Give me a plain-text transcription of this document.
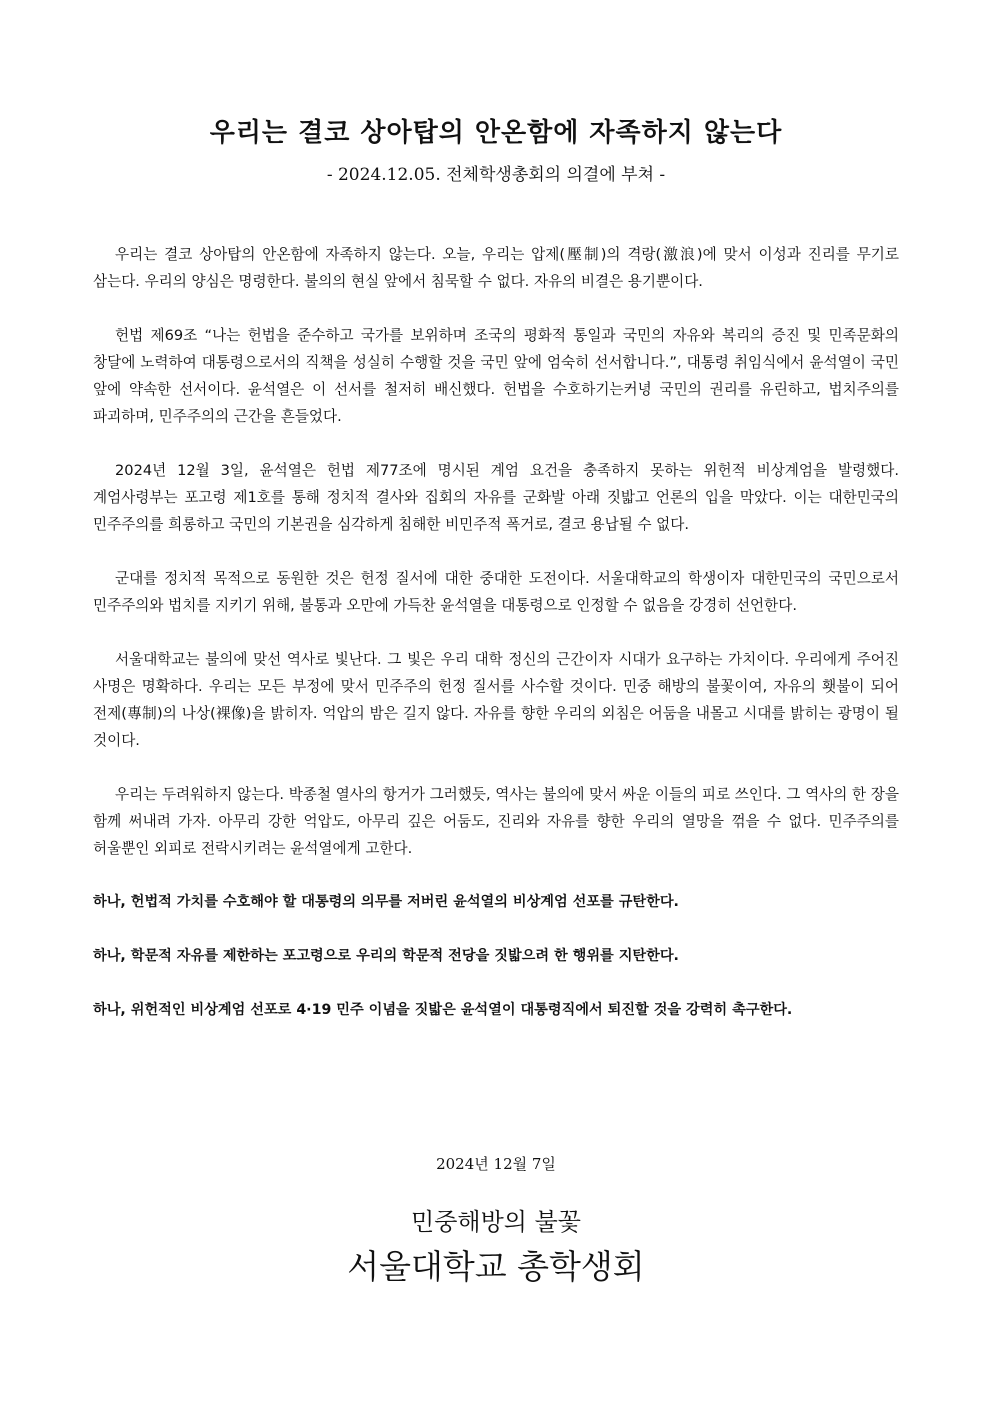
우리는 결코 상아탑의 안온함에 자족하지 않는다

- 2024.12.05. 전체학생총회의 의결에 부쳐 -

우리는 결코 상아탑의 안온함에 자족하지 않는다. 오늘, 우리는 압제(壓制)의 격랑(激浪)에 맞서 이성과 진리를 무기로 삼는다. 우리의 양심은 명령한다. 불의의 현실 앞에서 침묵할 수 없다. 자유의 비결은 용기뿐이다.

헌법 제69조 “나는 헌법을 준수하고 국가를 보위하며 조국의 평화적 통일과 국민의 자유와 복리의 증진 및 민족문화의 창달에 노력하여 대통령으로서의 직책을 성실히 수행할 것을 국민 앞에 엄숙히 선서합니다.”, 대통령 취임식에서 윤석열이 국민 앞에 약속한 선서이다. 윤석열은 이 선서를 철저히 배신했다. 헌법을 수호하기는커녕 국민의 권리를 유린하고, 법치주의를 파괴하며, 민주주의의 근간을 흔들었다.

2024년 12월 3일, 윤석열은 헌법 제77조에 명시된 계엄 요건을 충족하지 못하는 위헌적 비상계엄을 발령했다. 계엄사령부는 포고령 제1호를 통해 정치적 결사와 집회의 자유를 군화발 아래 짓밟고 언론의 입을 막았다. 이는 대한민국의 민주주의를 희롱하고 국민의 기본권을 심각하게 침해한 비민주적 폭거로, 결코 용납될 수 없다.

군대를 정치적 목적으로 동원한 것은 헌정 질서에 대한 중대한 도전이다. 서울대학교의 학생이자 대한민국의 국민으로서 민주주의와 법치를 지키기 위해, 불통과 오만에 가득찬 윤석열을 대통령으로 인정할 수 없음을 강경히 선언한다.

서울대학교는 불의에 맞선 역사로 빛난다. 그 빛은 우리 대학 정신의 근간이자 시대가 요구하는 가치이다. 우리에게 주어진 사명은 명확하다. 우리는 모든 부정에 맞서 민주주의 헌정 질서를 사수할 것이다. 민중 해방의 불꽃이여, 자유의 횃불이 되어 전제(專制)의 나상(裸像)을 밝히자. 억압의 밤은 길지 않다. 자유를 향한 우리의 외침은 어둠을 내몰고 시대를 밝히는 광명이 될 것이다.

우리는 두려워하지 않는다. 박종철 열사의 항거가 그러했듯, 역사는 불의에 맞서 싸운 이들의 피로 쓰인다. 그 역사의 한 장을 함께 써내려 가자. 아무리 강한 억압도, 아무리 깊은 어둠도, 진리와 자유를 향한 우리의 열망을 꺾을 수 없다. 민주주의를 허울뿐인 외피로 전락시키려는 윤석열에게 고한다.

하나, 헌법적 가치를 수호해야 할 대통령의 의무를 저버린 윤석열의 비상계엄 선포를 규탄한다.

하나, 학문적 자유를 제한하는 포고령으로 우리의 학문적 전당을 짓밟으려 한 행위를 지탄한다.

하나, 위헌적인 비상계엄 선포로 4·19 민주 이념을 짓밟은 윤석열이 대통령직에서 퇴진할 것을 강력히 촉구한다.

2024년 12월 7일

민중해방의 불꽃

서울대학교 총학생회
